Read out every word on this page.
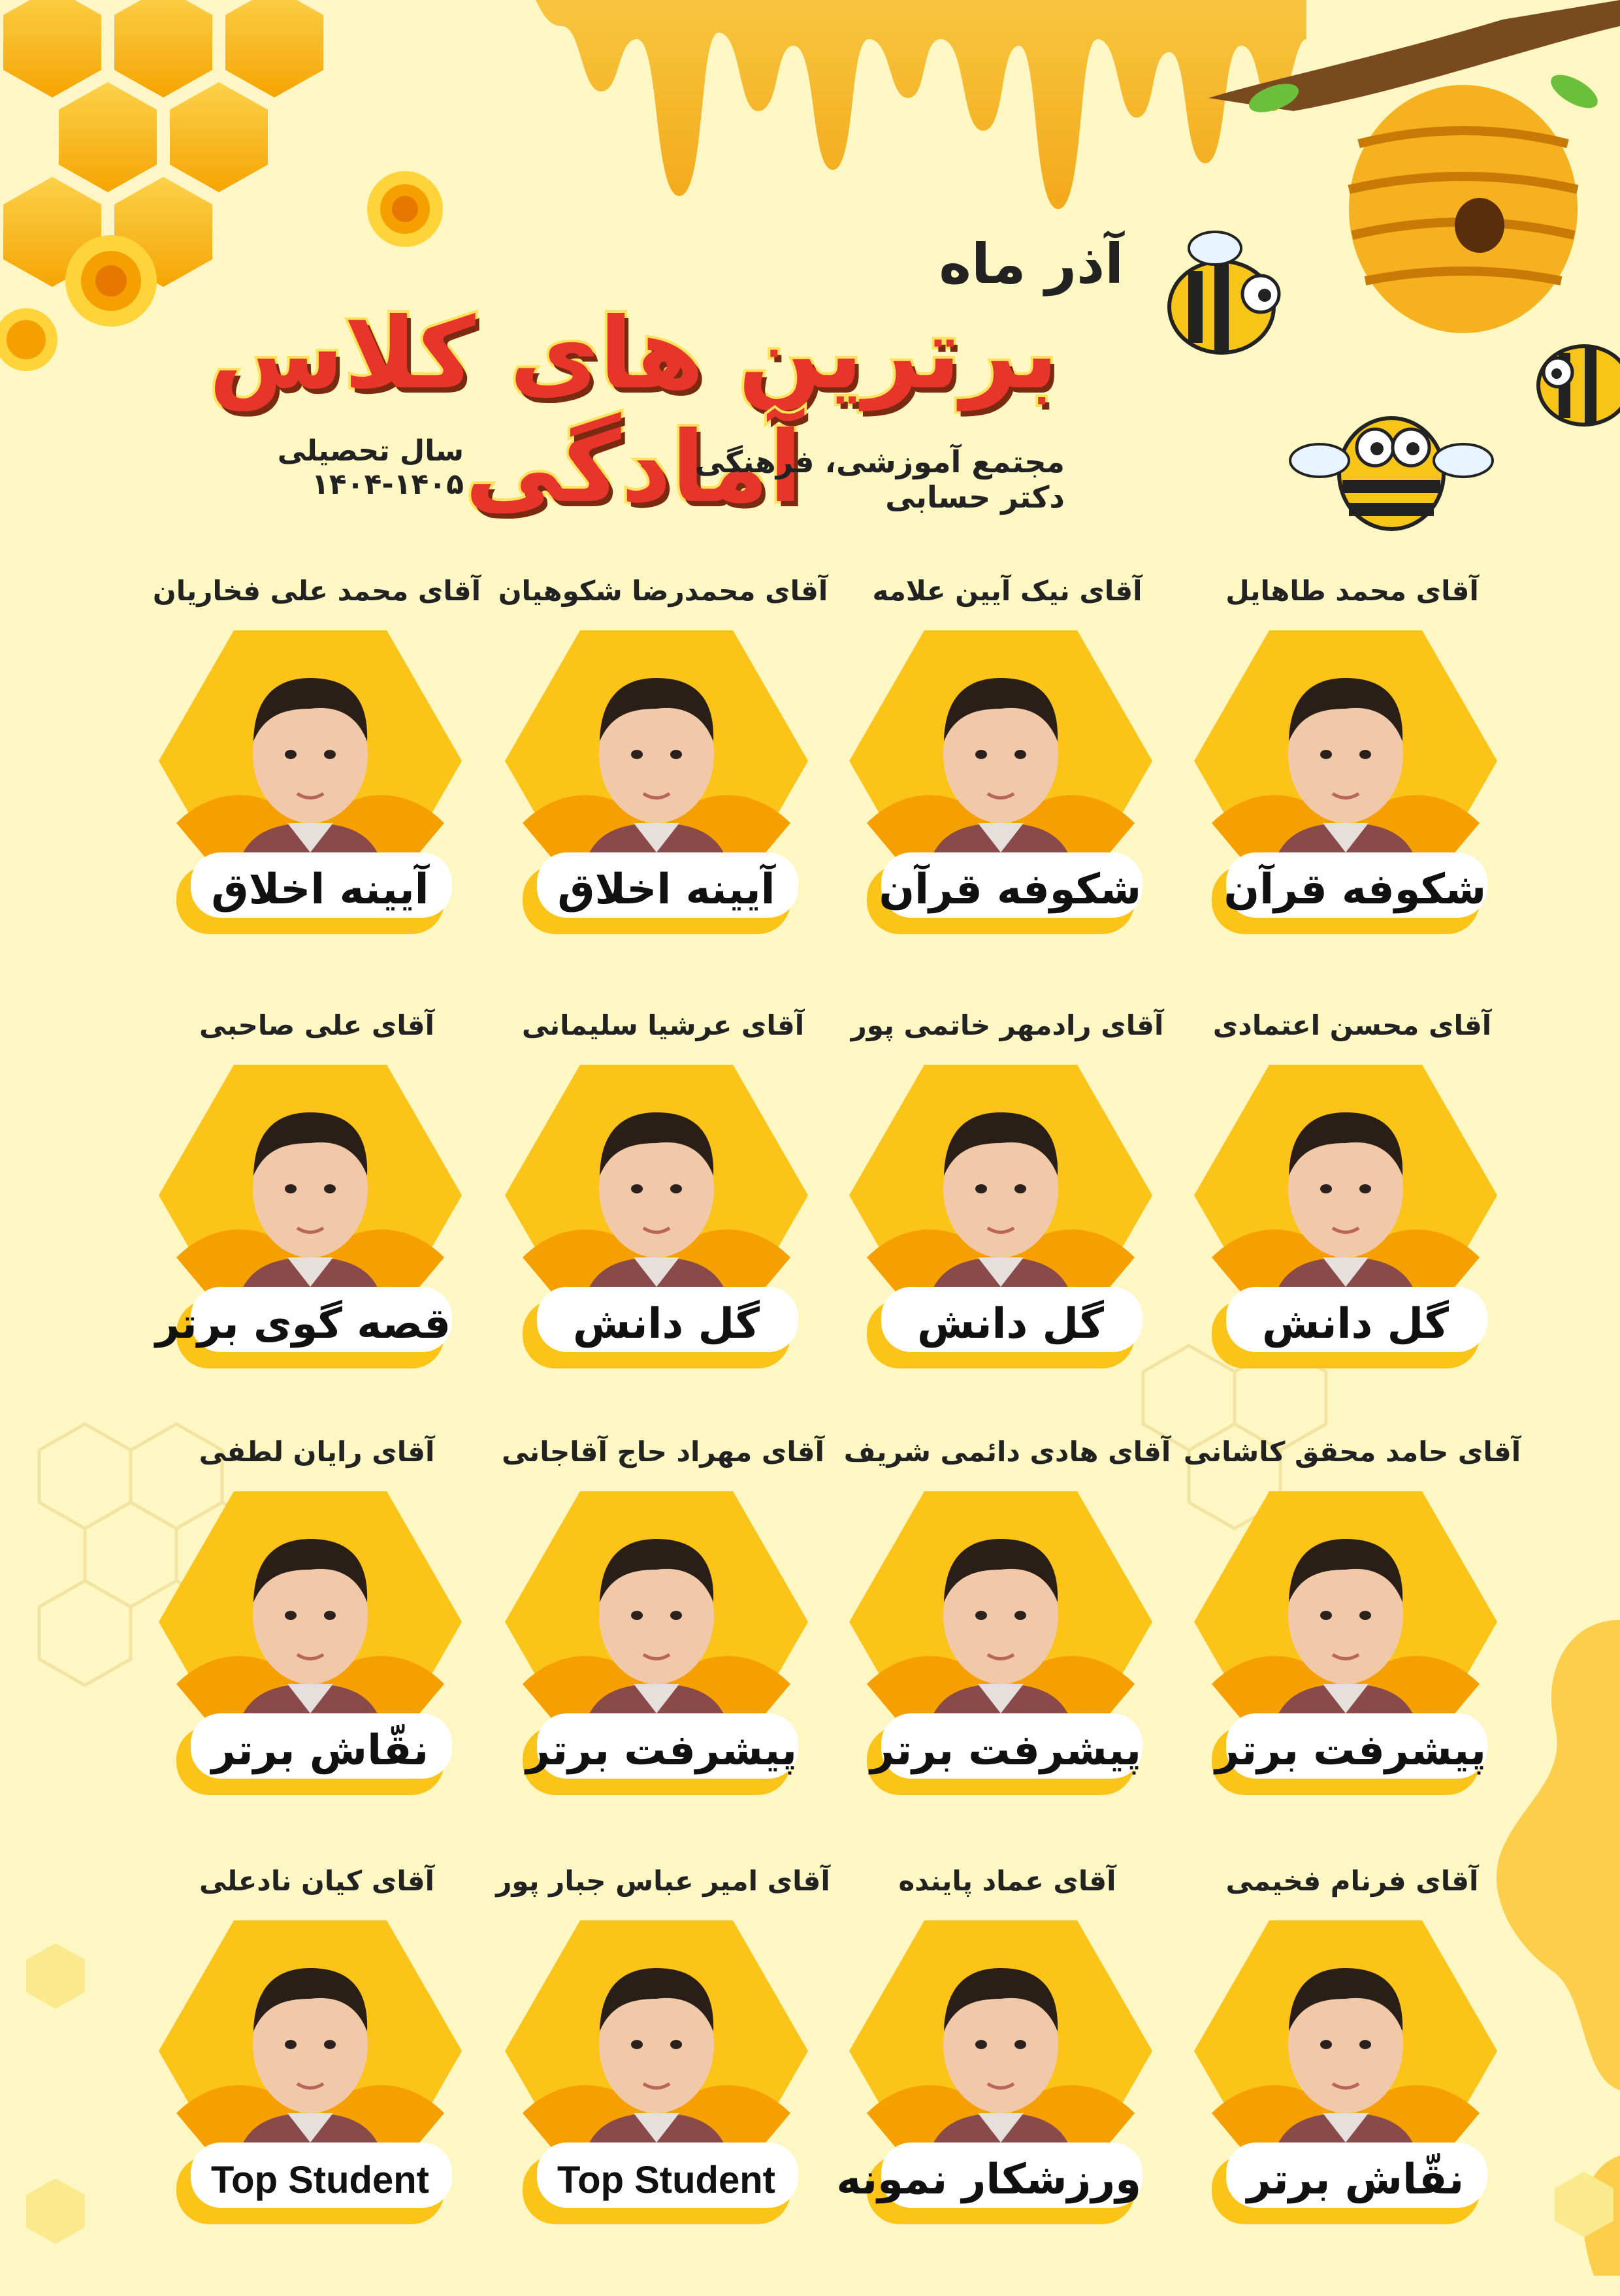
آذر ماه
برترین های کلاس آمادگی
مجتمع آموزشی، فرهنگی دکتر حسابی
سال تحصیلی ۱۴۰۵-۱۴۰۴
آقای محمد طاهایل
شکوفه قرآن
آقای نیک آیین علامه
شکوفه قرآن
آقای محمدرضا شکوهیان
آیینه اخلاق
آقای محمد علی فخاریان
آیینه اخلاق
آقای محسن اعتمادی
گل دانش
آقای رادمهر خاتمی پور
گل دانش
آقای عرشیا سلیمانی
گل دانش
آقای علی صاحبی
قصه گوی برتر
آقای حامد محقق کاشانی
پیشرفت برتر
آقای هادی دائمی شریف
پیشرفت برتر
آقای مهراد حاج آقاجانی
پیشرفت برتر
آقای رایان لطفی
نقّاش برتر
آقای فرنام فخیمی
نقّاش برتر
آقای عماد پاینده
ورزشکار نمونه
آقای امیر عباس جبار پور
Top Student
آقای کیان نادعلی
Top Student
